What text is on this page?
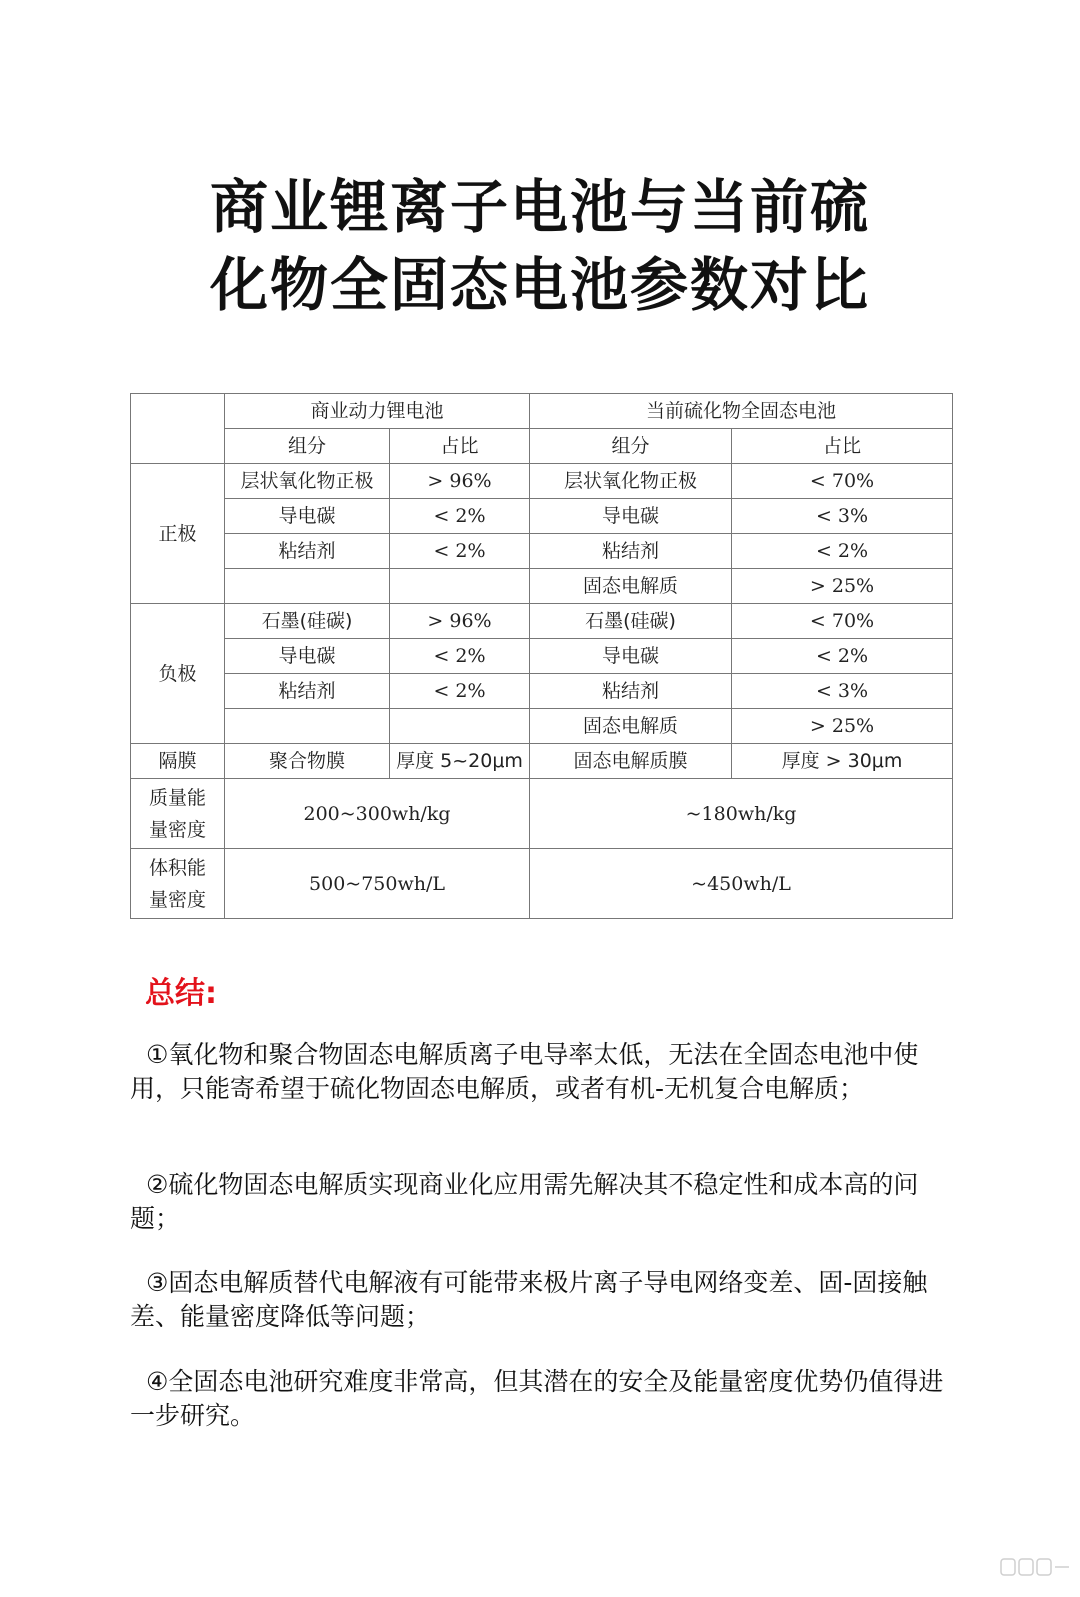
商业锂离子电池与当前硫
化物全固态电池参数对比
	商业动力锂电池		当前硫化物全固态电池	
	组分	占比	组分	占比
正极	层状氧化物正极	> 96%	层状氧化物正极	< 70%
	导电碳	< 2%	导电碳	< 3%
	粘结剂	< 2%	粘结剂	< 2%
			固态电解质	> 25%
负极	石墨(硅碳)	> 96%	石墨(硅碳)	< 70%
	导电碳	< 2%	导电碳	< 2%
	粘结剂	< 2%	粘结剂	< 3%
			固态电解质	> 25%
隔膜	聚合物膜	厚度 5~20μm	固态电解质膜	厚度 > 30μm

质量能
量密度	200~300wh/kg		~180wh/kg	

体积能
量密度	500~750wh/L		~450wh/L	
总结:
①氧化物和聚合物固态电解质离子电导率太低，无法在全固态电池中使用，只能寄希望于硫化物固态电解质，或者有机-无机复合电解质；
②硫化物固态电解质实现商业化应用需先解决其不稳定性和成本高的问题；
③固态电解质替代电解液有可能带来极片离子导电网络变差、固-固接触差、能量密度降低等问题；
④全固态电池研究难度非常高，但其潜在的安全及能量密度优势仍值得进一步研究。
